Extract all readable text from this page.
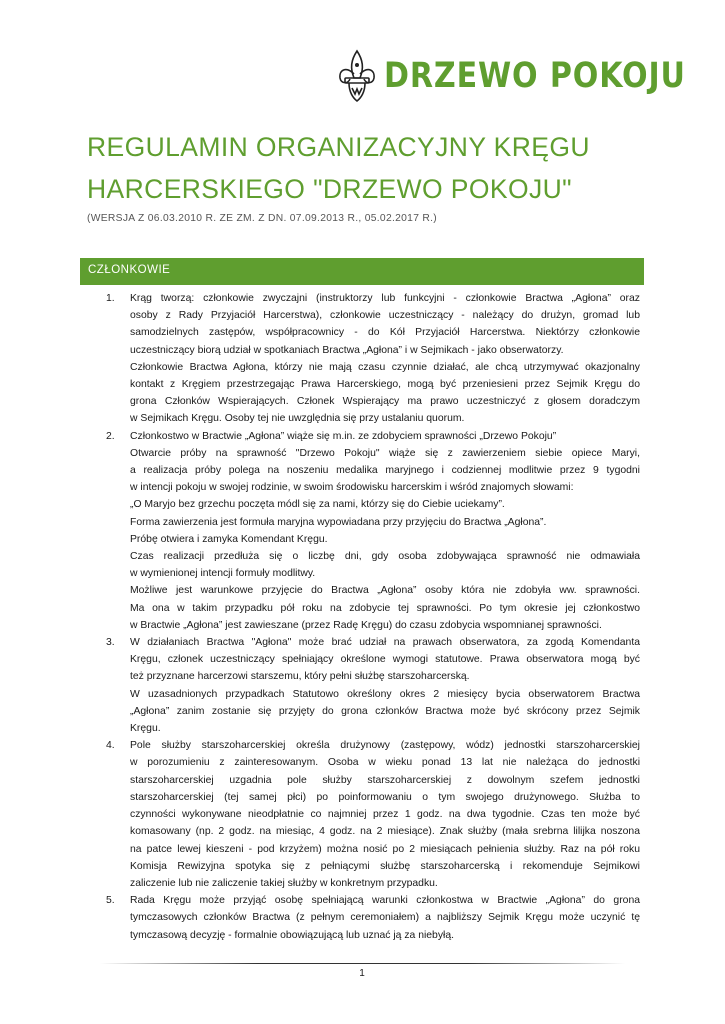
DRZEWO POKOJU
REGULAMIN ORGANIZACYJNY KRĘGU
HARCERSKIEGO "DRZEWO POKOJU"
(WERSJA Z 06.03.2010 R. ZE ZM. Z DN. 07.09.2013 R., 05.02.2017 R.)
CZŁONKOWIE
1. Krąg tworzą: członkowie zwyczajni (instruktorzy lub funkcyjni - członkowie Bractwa „Agłona” oraz

osoby z Rady Przyjaciół Harcerstwa), członkowie uczestniczący - należący do drużyn, gromad lub

samodzielnych zastępów, współpracownicy - do Kół Przyjaciół Harcerstwa. Niektórzy członkowie

uczestniczący biorą udział w spotkaniach Bractwa „Agłona” i w Sejmikach - jako obserwatorzy.

Członkowie Bractwa Agłona, którzy nie mają czasu czynnie działać, ale chcą utrzymywać okazjonalny

kontakt z Kręgiem przestrzegając Prawa Harcerskiego, mogą być przeniesieni przez Sejmik Kręgu do

grona Członków Wspierających. Członek Wspierający ma prawo uczestniczyć z głosem doradczym

w Sejmikach Kręgu. Osoby tej nie uwzględnia się przy ustalaniu quorum.

2. Członkostwo w Bractwie „Agłona” wiąże się m.in. ze zdobyciem sprawności „Drzewo Pokoju”

Otwarcie próby na sprawność "Drzewo Pokoju" wiąże się z zawierzeniem siebie opiece Maryi,

a realizacja próby polega na noszeniu medalika maryjnego i codziennej modlitwie przez 9 tygodni

w intencji pokoju w swojej rodzinie, w swoim środowisku harcerskim i wśród znajomych słowami:

„O Maryjo bez grzechu poczęta módl się za nami, którzy się do Ciebie uciekamy”.

Forma zawierzenia jest formuła maryjna wypowiadana przy przyjęciu do Bractwa „Agłona”.

Próbę otwiera i zamyka Komendant Kręgu.

Czas realizacji przedłuża się o liczbę dni, gdy osoba zdobywająca sprawność nie odmawiała

w wymienionej intencji formuły modlitwy.

Możliwe jest warunkowe przyjęcie do Bractwa „Agłona” osoby która nie zdobyła ww. sprawności.

Ma ona w takim przypadku pół roku na zdobycie tej sprawności. Po tym okresie jej członkostwo

w Bractwie „Agłona” jest zawieszane (przez Radę Kręgu) do czasu zdobycia wspomnianej sprawności.

3. W działaniach Bractwa "Agłona" może brać udział na prawach obserwatora, za zgodą Komendanta

Kręgu, członek uczestniczący spełniający określone wymogi statutowe. Prawa obserwatora mogą być

też przyznane harcerzowi starszemu, który pełni służbę starszoharcerską.

W uzasadnionych przypadkach Statutowo określony okres 2 miesięcy bycia obserwatorem Bractwa

„Agłona” zanim zostanie się przyjęty do grona członków Bractwa może być skrócony przez Sejmik

Kręgu.

4. Pole służby starszoharcerskiej określa drużynowy (zastępowy, wódz) jednostki starszoharcerskiej

w porozumieniu z zainteresowanym. Osoba w wieku ponad 13 lat nie należąca do jednostki

starszoharcerskiej uzgadnia pole służby starszoharcerskiej z dowolnym szefem jednostki

starszoharcerskiej (tej samej płci) po poinformowaniu o tym swojego drużynowego. Służba to

czynności wykonywane nieodpłatnie co najmniej przez 1 godz. na dwa tygodnie. Czas ten może być

komasowany (np. 2 godz. na miesiąc, 4 godz. na 2 miesiące). Znak służby (mała srebrna lilijka noszona

na patce lewej kieszeni - pod krzyżem) można nosić po 2 miesiącach pełnienia służby. Raz na pół roku

Komisja Rewizyjna spotyka się z pełniącymi służbę starszoharcerską i rekomenduje Sejmikowi

zaliczenie lub nie zaliczenie takiej służby w konkretnym przypadku.

5. Rada Kręgu może przyjąć osobę spełniającą warunki członkostwa w Bractwie „Agłona” do grona

tymczasowych członków Bractwa (z pełnym ceremoniałem) a najbliższy Sejmik Kręgu może uczynić tę

tymczasową decyzję - formalnie obowiązującą lub uznać ją za niebyłą.

1
